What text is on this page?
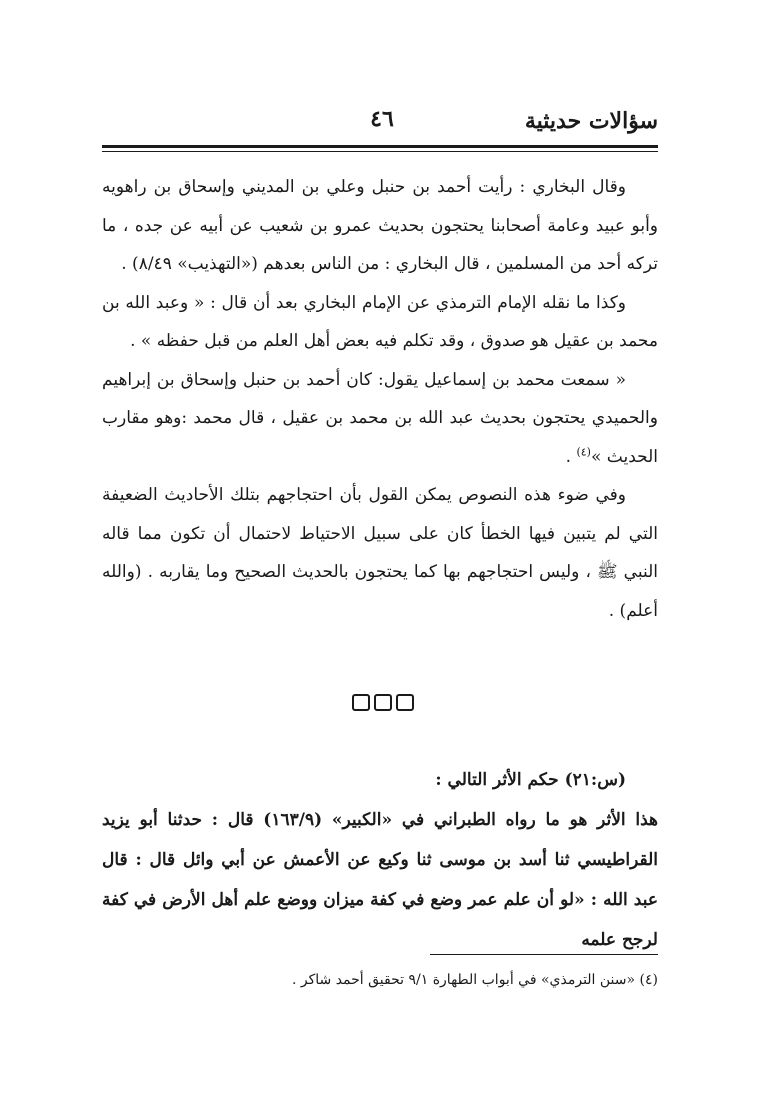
سؤالات حديثية
٤٦

وقال البخاري : رأيت أحمد بن حنبل وعلي بن المديني وإسحاق بن راهويه وأبو عبيد وعامة أصحابنا يحتجون بحديث عمرو بن شعيب عن أبيه عن جده ، ما تركه أحد من المسلمين ، قال البخاري : من الناس بعدهم («التهذيب» ٨/٤٩) .

وكذا ما نقله الإمام الترمذي عن الإمام البخاري بعد أن قال : « وعبد الله بن محمد بن عقيل هو صدوق ، وقد تكلم فيه بعض أهل العلم من قبل حفظه » .

« سمعت محمد بن إسماعيل يقول: كان أحمد بن حنبل وإسحاق بن إبراهيم والحميدي يحتجون بحديث عبد الله بن محمد بن عقيل ، قال محمد :وهو مقارب الحديث »$^{(٤)}$ .

وفي ضوء هذه النصوص يمكن القول بأن احتجاجهم بتلك الأحاديث الضعيفة التي لم يتبين فيها الخطأ كان على سبيل الاحتياط لاحتمال أن تكون مما قاله النبي ﷺ ، وليس احتجاجهم بها كما يحتجون بالحديث الصحيح وما يقاربه . (والله أعلم) .

(س:٢١) حكم الأثر التالي :

هذا الأثر هو ما رواه الطبراني في «الكبير» (١٦٣/٩) قال : حدثنا أبو يزيد القراطيسي ثنا أسد بن موسى ثنا وكيع عن الأعمش عن أبي وائل قال : قال عبد الله : «لو أن علم عمر وضع في كفة ميزان ووضع علم أهل الأرض في كفة لرجح علمه

(٤) «سنن الترمذي» في أبواب الطهارة ٩/١ تحقيق أحمد شاكر .
